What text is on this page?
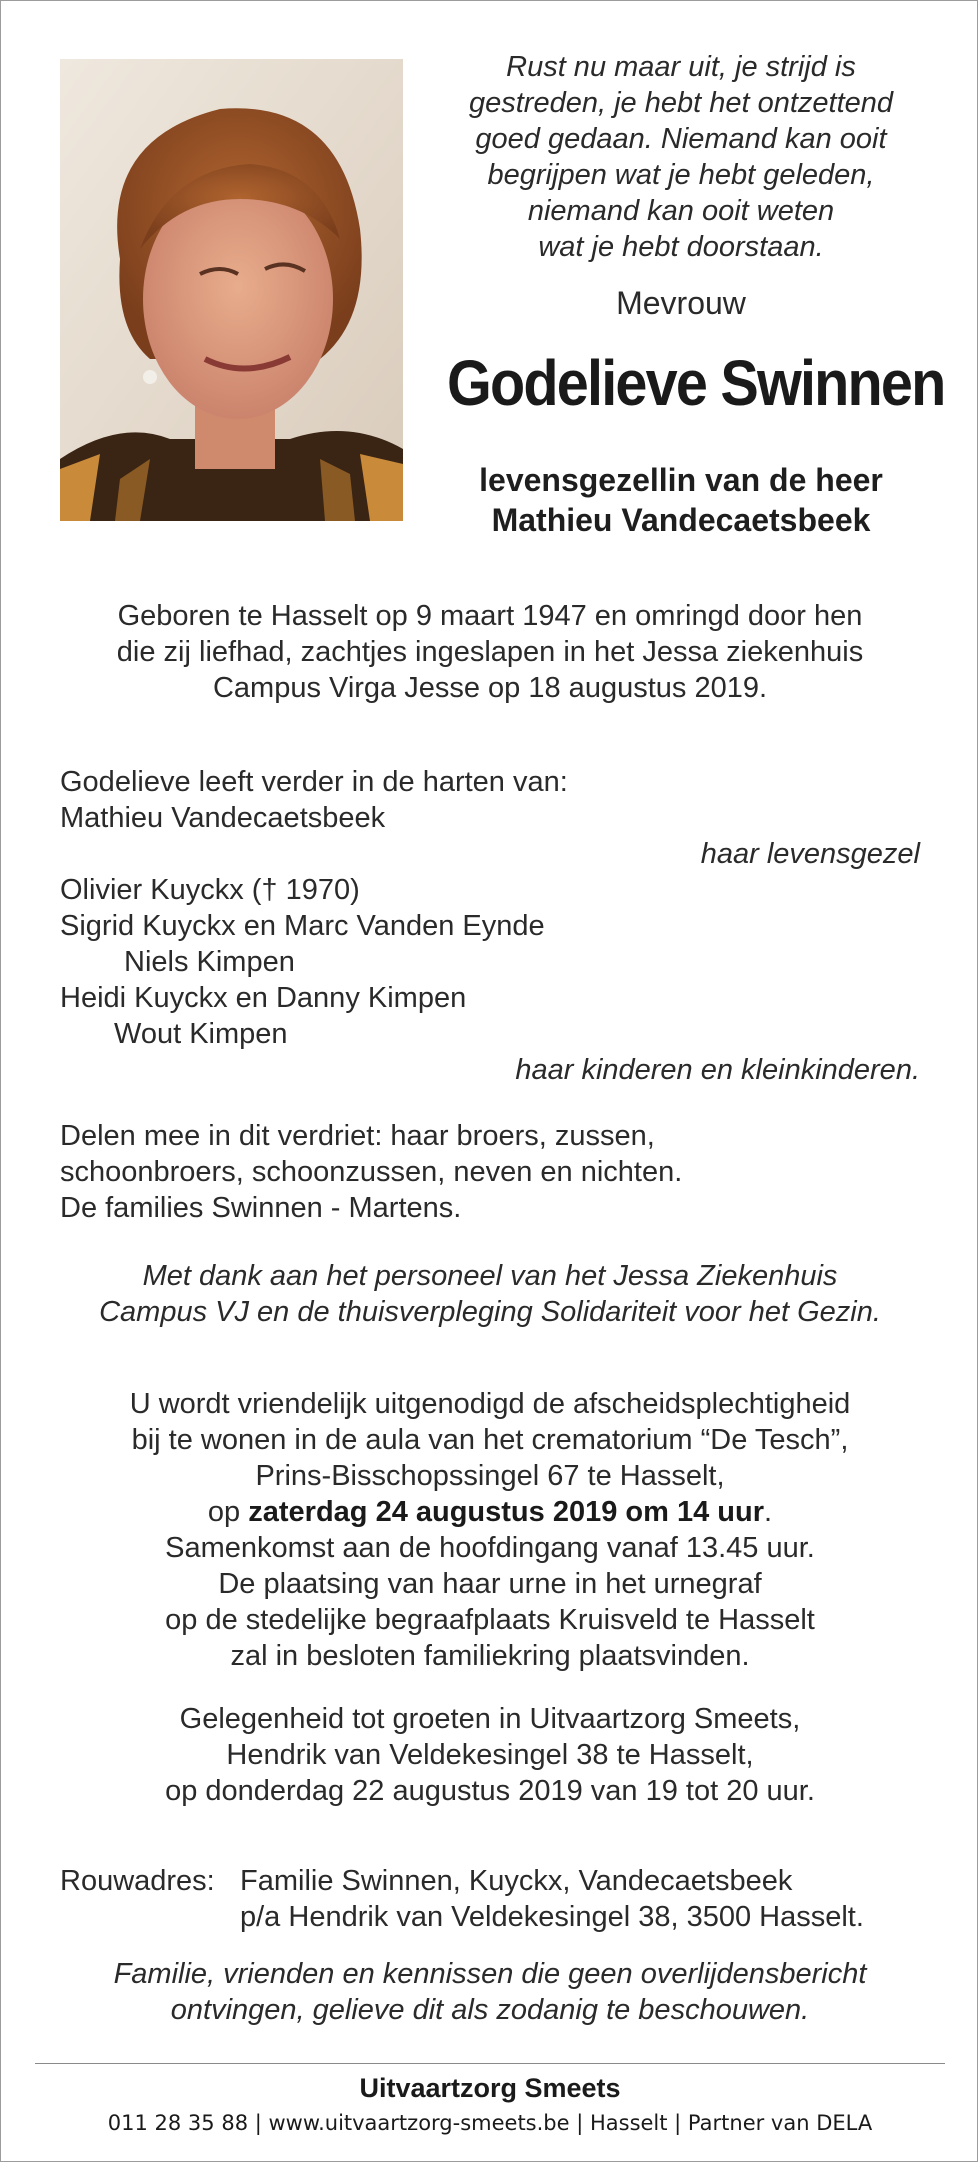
Rust nu maar uit, je strijd is
gestreden, je hebt het ontzettend
goed gedaan. Niemand kan ooit
begrijpen wat je hebt geleden,
niemand kan ooit weten
wat je hebt doorstaan.
Mevrouw
Godelieve Swinnen
levensgezellin van de heer
Mathieu Vandecaetsbeek
Geboren te Hasselt op 9 maart 1947 en omringd door hen
die zij liefhad, zachtjes ingeslapen in het Jessa ziekenhuis
Campus Virga Jesse op 18 augustus 2019.
Godelieve leeft verder in de harten van:
Mathieu Vandecaetsbeek
haar levensgezel
Olivier Kuyckx († 1970)
Sigrid Kuyckx en Marc Vanden Eynde
Niels Kimpen
Heidi Kuyckx en Danny Kimpen
Wout Kimpen
haar kinderen en kleinkinderen.
Delen mee in dit verdriet: haar broers, zussen,
schoonbroers, schoonzussen, neven en nichten.
De families Swinnen - Martens.
Met dank aan het personeel van het Jessa Ziekenhuis
Campus VJ en de thuisverpleging Solidariteit voor het Gezin.
U wordt vriendelijk uitgenodigd de afscheidsplechtigheid
bij te wonen in de aula van het crematorium “De Tesch”,
Prins-Bisschopssingel 67 te Hasselt,
op zaterdag 24 augustus 2019 om 14 uur.
Samenkomst aan de hoofdingang vanaf 13.45 uur.
De plaatsing van haar urne in het urnegraf
op de stedelijke begraafplaats Kruisveld te Hasselt
zal in besloten familiekring plaatsvinden.
Gelegenheid tot groeten in Uitvaartzorg Smeets,
Hendrik van Veldekesingel 38 te Hasselt,
op donderdag 22 augustus 2019 van 19 tot 20 uur.
Rouwadres: Familie Swinnen, Kuyckx, Vandecaetsbeek
p/a Hendrik van Veldekesingel 38, 3500 Hasselt.
Familie, vrienden en kennissen die geen overlijdensbericht
ontvingen, gelieve dit als zodanig te beschouwen.
Uitvaartzorg Smeets
011 28 35 88 | www.uitvaartzorg-smeets.be | Hasselt | Partner van DELA
